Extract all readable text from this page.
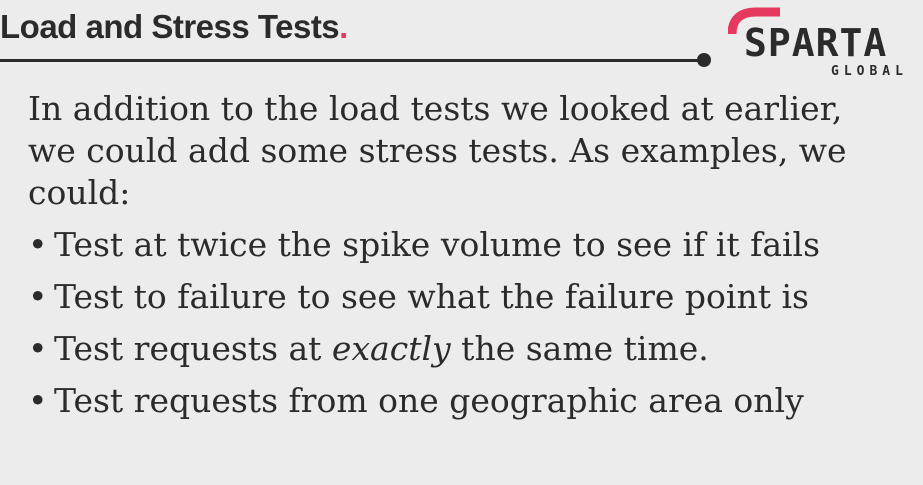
Load and Stress Tests.	SPARTA
GLOBAL

In addition to the load tests we looked at earlier, we could add some stress tests. As examples, we could:

• Test at twice the spike volume to see if it fails
• Test to failure to see what the failure point is
• Test requests at exactly the same time.
• Test requests from one geographic area only
